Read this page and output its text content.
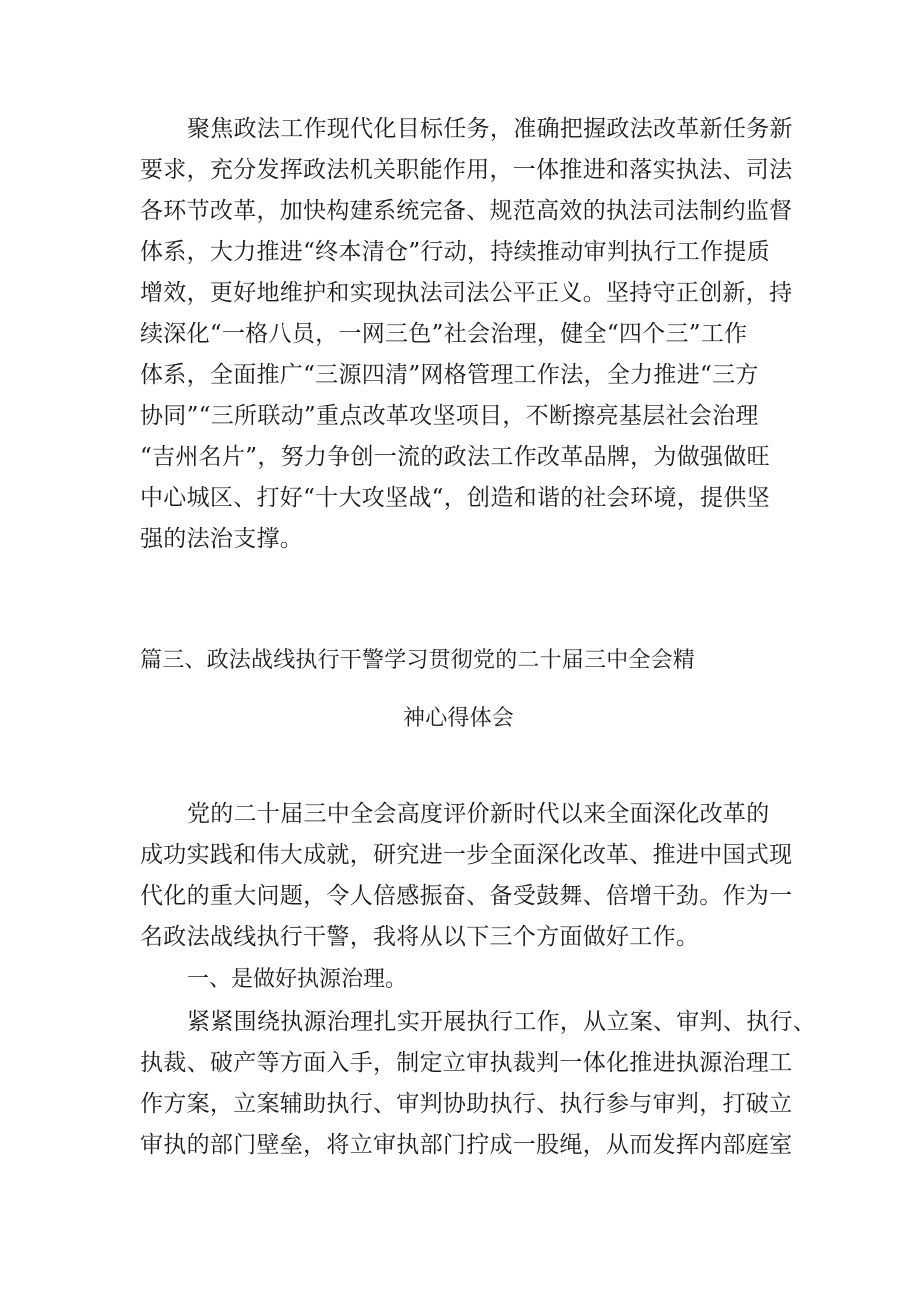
聚焦政法工作现代化目标任务，准确把握政法改革新任务新
要求，充分发挥政法机关职能作用，一体推进和落实执法、司法
各环节改革，加快构建系统完备、规范高效的执法司法制约监督
体系，大力推进“终本清仓”行动，持续推动审判执行工作提质
增效，更好地维护和实现执法司法公平正义。坚持守正创新，持
续深化“一格八员，一网三色”社会治理，健全“四个三”工作
体系，全面推广“三源四清”网格管理工作法，全力推进“三方
协同”“三所联动”重点改革攻坚项目，不断擦亮基层社会治理
“吉州名片”，努力争创一流的政法工作改革品牌，为做强做旺
中心城区、打好“十大攻坚战“，创造和谐的社会环境，提供坚
强的法治支撑。
篇三、政法战线执行干警学习贯彻党的二十届三中全会精
神心得体会
党的二十届三中全会高度评价新时代以来全面深化改革的
成功实践和伟大成就，研究进一步全面深化改革、推进中国式现
代化的重大问题，令人倍感振奋、备受鼓舞、倍增干劲。作为一
名政法战线执行干警，我将从以下三个方面做好工作。
一、是做好执源治理。
紧紧围绕执源治理扎实开展执行工作，从立案、审判、执行、
执裁、破产等方面入手，制定立审执裁判一体化推进执源治理工
作方案，立案辅助执行、审判协助执行、执行参与审判，打破立
审执的部门壁垒，将立审执部门拧成一股绳，从而发挥内部庭室
